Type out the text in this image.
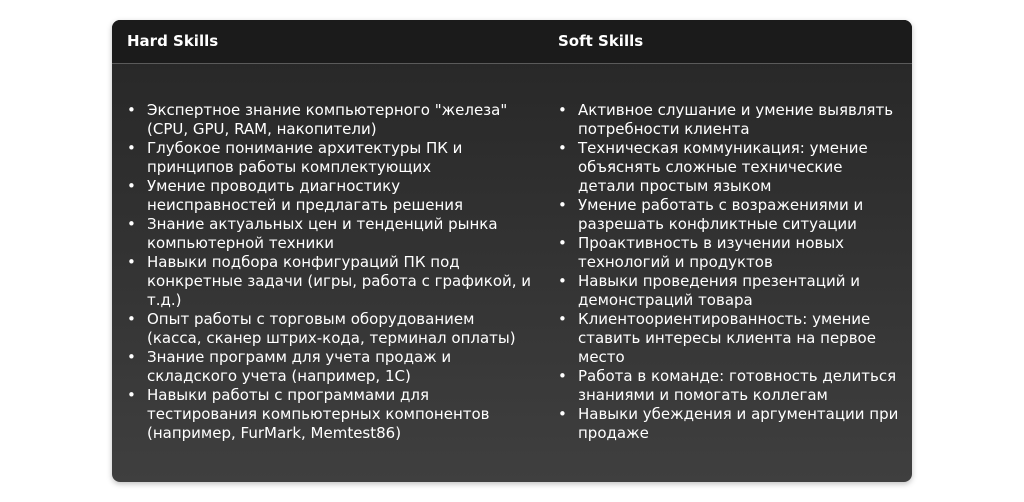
Hard Skills	Soft Skills
• Экспертное знание компьютерного "железа" (CPU, GPU, RAM, накопители)
• Глубокое понимание архитектуры ПК и принципов работы комплектующих
• Умение проводить диагностику неисправностей и предлагать решения
• Знание актуальных цен и тенденций рынка компьютерной техники
• Навыки подбора конфигураций ПК под конкретные задачи (игры, работа с графикой, и т.д.)
• Опыт работы с торговым оборудованием (касса, сканер штрих-кода, терминал оплаты)
• Знание программ для учета продаж и складского учета (например, 1С)
• Навыки работы с программами для тестирования компьютерных компонентов (например, FurMark, Memtest86)
• Активное слушание и умение выявлять потребности клиента
• Техническая коммуникация: умение объяснять сложные технические детали простым языком
• Умение работать с возражениями и разрешать конфликтные ситуации
• Проактивность в изучении новых технологий и продуктов
• Навыки проведения презентаций и демонстраций товара
• Клиентоориентированность: умение ставить интересы клиента на первое место
• Работа в команде: готовность делиться знаниями и помогать коллегам
• Навыки убеждения и аргументации при продаже
